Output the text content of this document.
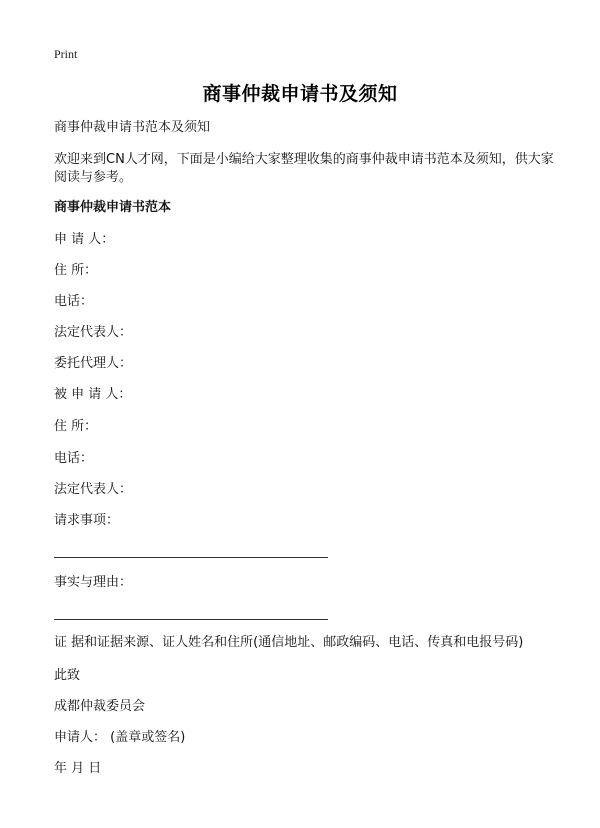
Print
商事仲裁申请书及须知
商事仲裁申请书范本及须知
欢迎来到CN人才网，下面是小编给大家整理收集的商事仲裁申请书范本及须知，供大家阅读与参考。
商事仲裁申请书范本
申 请 人：
住 所：
电话：
法定代表人：
委托代理人：
被 申 请 人：
住 所：
电话：
法定代表人：
请求事项：
事实与理由：
证 据和证据来源、证人姓名和住所(通信地址、邮政编码、电话、传真和电报号码)
此致
成都仲裁委员会
申请人： (盖章或签名)
年 月 日
